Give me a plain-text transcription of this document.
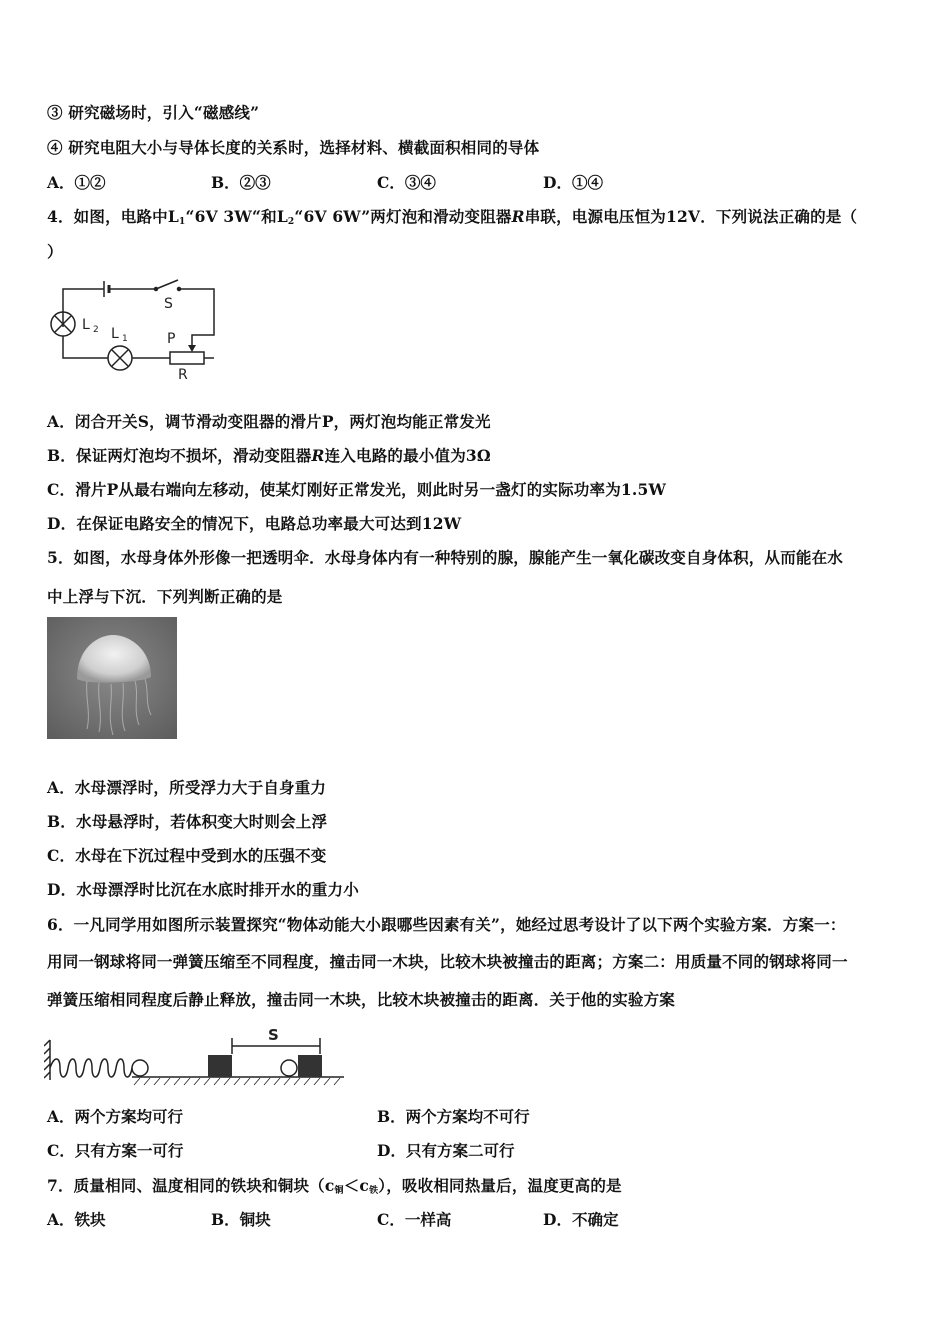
③ 研究磁场时，引入“磁感线”
④ 研究电阻大小与导体长度的关系时，选择材料、横截面积相同的导体
A．①②	B．②③	C．③④	D．①④
4．如图，电路中$L_1“6V$ 3W“和$L_2“6V$ 6W”两灯泡和滑动变阻器R串联，电源电压恒为12V．下列说法正确的是（
）
S
L 2 L 1	P
R
A．闭合开关S，调节滑动变阻器的滑片P，两灯泡均能正常发光
B．保证两灯泡均不损坏，滑动变阻器R连入电路的最小值为3Ω
C．滑片P从最右端向左移动，使某灯刚好正常发光，则此时另一盏灯的实际功率为1.5W
D．在保证电路安全的情况下，电路总功率最大可达到12W
5．如图，水母身体外形像一把透明伞．水母身体内有一种特别的腺，腺能产生一氧化碳改变自身体积，从而能在水
中上浮与下沉．下列判断正确的是
A．水母漂浮时，所受浮力大于自身重力
B．水母悬浮时，若体积变大时则会上浮
C．水母在下沉过程中受到水的压强不变
D．水母漂浮时比沉在水底时排开水的重力小
6．一凡同学用如图所示装置探究“物体动能大小跟哪些因素有关”，她经过思考设计了以下两个实验方案．方案一：
用同一钢球将同一弹簧压缩至不同程度，撞击同一木块，比较木块被撞击的距离；方案二：用质量不同的钢球将同一
弹簧压缩相同程度后静止释放，撞击同一木块，比较木块被撞击的距离．关于他的实验方案
S
A．两个方案均可行	B．两个方案均不可行
C．只有方案一可行	D．只有方案二可行
7．质量相同、温度相同的铁块和铜块$(c_铜<c_铁)$，吸收相同热量后，温度更高的是
A．铁块	B．铜块	C．一样高	D．不确定
